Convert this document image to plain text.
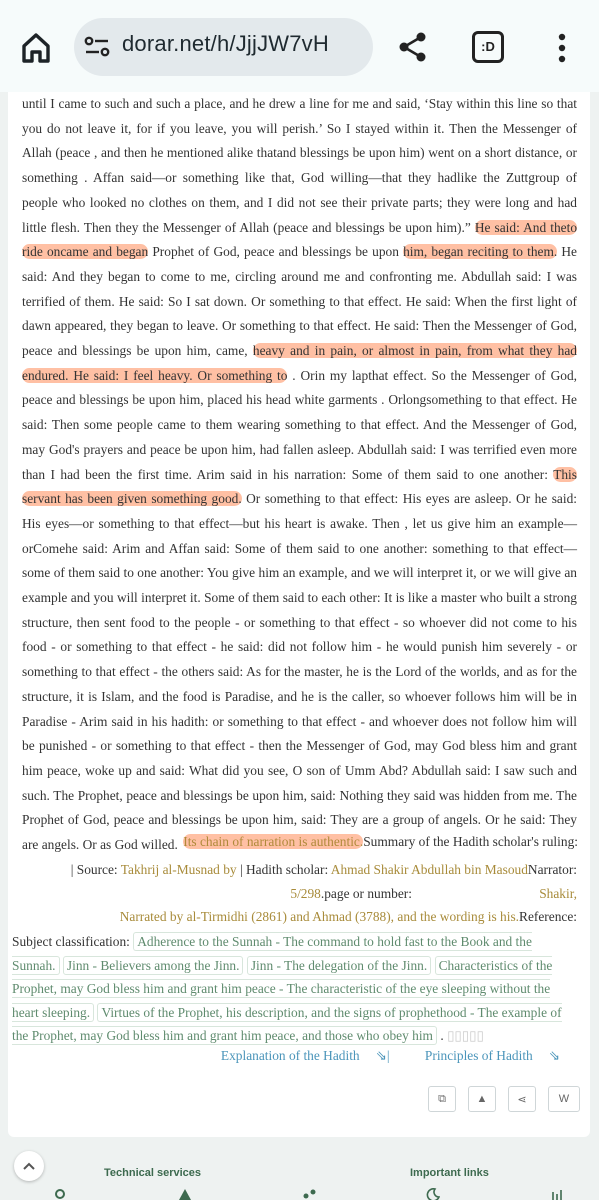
dorar.net/h/JjjJW7vH	:D

until I came to such and such a place, and he drew a line for me and said, ‘Stay within this line so that you do not leave it, for if you leave, you will perish.’ So I stayed within it. Then the Messenger of Allah (peace , and then he mentioned alike thatand blessings be upon him) went on a short distance, or something . Affan said—or something like that, God willing—that they hadlike the Zuttgroup of people who looked no clothes on them, and I did not see their private parts; they were long and had little flesh. Then they the Messenger of Allah (peace and blessings be upon him).” He said: And theto ride oncame and began Prophet of God, peace and blessings be upon him, began reciting to them. He said: And they began to come to me, circling around me and confronting me. Abdullah said: I was terrified of them. He said: So I sat down. Or something to that effect. He said: When the first light of dawn appeared, they began to leave. Or something to that effect. He said: Then the Messenger of God, peace and blessings be upon him, came, heavy and in pain, or almost in pain, from what they had endured. He said: I feel heavy. Or something to . Orin my lapthat effect. So the Messenger of God, peace and blessings be upon him, placed his head white garments . Orlongsomething to that effect. He said: Then some people came to them wearing something to that effect. And the Messenger of God, may God's prayers and peace be upon him, had fallen asleep. Abdullah said: I was terrified even more than I had been the first time. Arim said in his narration: Some of them said to one another: This servant has been given something good. Or something to that effect: His eyes are asleep. Or he said: His eyes—or something to that effect—but his heart is awake. Then , let us give him an example—orComehe said: Arim and Affan said: Some of them said to one another: something to that effect—some of them said to one another: You give him an example, and we will interpret it, or we will give an example and you will interpret it. Some of them said to each other: It is like a master who built a strong structure, then sent food to the people - or something to that effect - so whoever did not come to his food - or something to that effect - he said: did not follow him - he would punish him severely - or something to that effect - the others said: As for the master, he is the Lord of the worlds, and as for the structure, it is Islam, and the food is Paradise, and he is the caller, so whoever follows him will be in Paradise - Arim said in his hadith: or something to that effect - and whoever does not follow him will be punished - or something to that effect - then the Messenger of God, may God bless him and grant him peace, woke up and said: What did you see, O son of Umm Abd? Abdullah said: I saw such and such. The Prophet, peace and blessings be upon him, said: Nothing they said was hidden from me. The Prophet of God, peace and blessings be upon him, said: They are a group of angels. Or he said: They are angels. Or as God willed. Its chain of narration is authentic.Summary of the Hadith scholar's ruling:
| Source: Takhrij al-Musnad by | Hadith scholar: Ahmad Shakir Abdullah bin MasoudNarrator:
5/298.page or number:	Shakir,
Narrated by al-Tirmidhi (2861) and Ahmad (3788), and the wording is his.Reference:
Subject classification: Adherence to the Sunnah - The command to hold fast to the Book and the Sunnah. Jinn - Believers among the Jinn. Jinn - The delegation of the Jinn. Characteristics of the Prophet, may God bless him and grant him peace - The characteristic of the eye sleeping without the heart sleeping. Virtues of the Prophet, his description, and the signs of prophethood - The example of the Prophet, may God bless him and grant him peace, and those who obey him . ▯▯▯▯▯
Explanation of the Hadith ⇘|	Principles of Hadith ⇘
⧉	▲	⋖	W
Technical services	Important links
